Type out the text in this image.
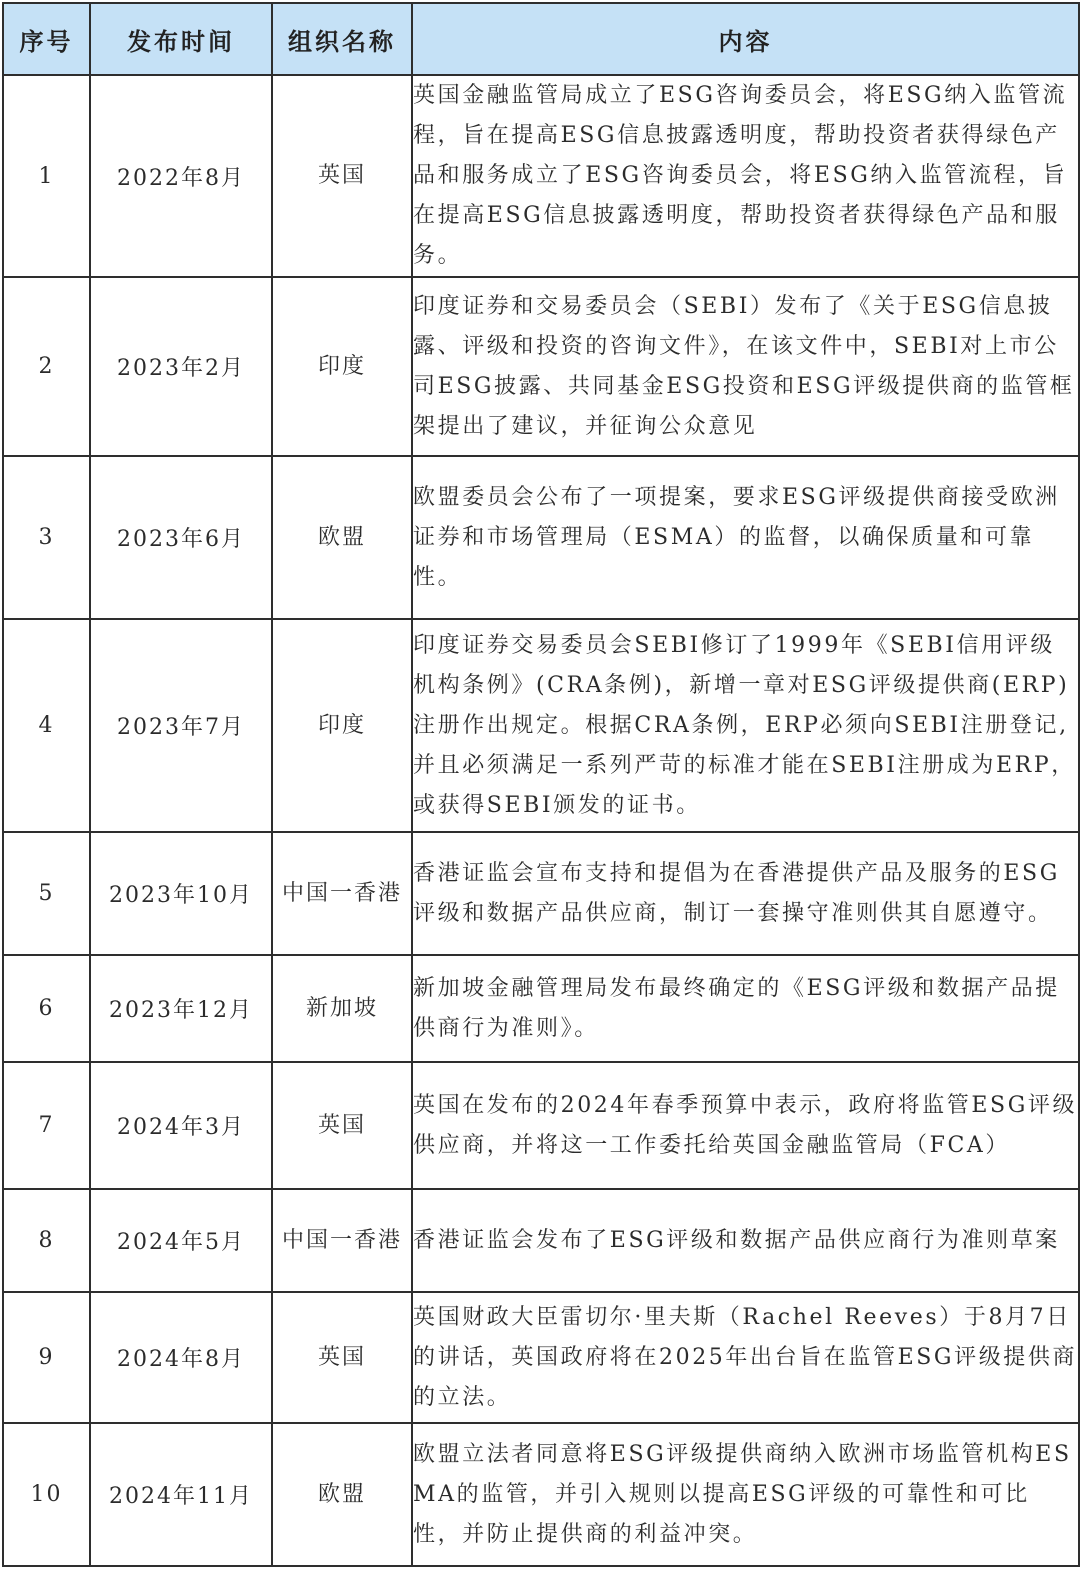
序号	发布时间	组织名称	内容
1	2022年8月	英国	英国金融监管局成立了ESG咨询委员会，将ESG纳入监管流程，旨在提高ESG信息披露透明度，帮助投资者获得绿色产品和服务成立了ESG咨询委员会，将ESG纳入监管流程，旨在提高ESG信息披露透明度，帮助投资者获得绿色产品和服务。
2	2023年2月	印度	印度证券和交易委员会（SEBI）发布了《关于ESG信息披露、评级和投资的咨询文件》，在该文件中，SEBI对上市公司ESG披露、共同基金ESG投资和ESG评级提供商的监管框架提出了建议，并征询公众意见
3	2023年6月	欧盟	欧盟委员会公布了一项提案，要求ESG评级提供商接受欧洲证券和市场管理局（ESMA）的监督，以确保质量和可靠性。
4	2023年7月	印度	印度证券交易委员会SEBI修订了1999年《SEBI信用评级机构条例》(CRA条例)，新增一章对ESG评级提供商(ERP)注册作出规定。根据CRA条例，ERP必须向SEBI注册登记,并且必须满足一系列严苛的标准才能在SEBI注册成为ERP，或获得SEBI颁发的证书。
5	2023年10月	中国一香港	香港证监会宣布支持和提倡为在香港提供产品及服务的ESG评级和数据产品供应商，制订一套操守准则供其自愿遵守。
6	2023年12月	新加坡	新加坡金融管理局发布最终确定的《ESG评级和数据产品提供商行为准则》。
7	2024年3月	英国	英国在发布的2024年春季预算中表示，政府将监管ESG评级供应商，并将这一工作委托给英国金融监管局（FCA）
8	2024年5月	中国一香港	香港证监会发布了ESG评级和数据产品供应商行为准则草案
9	2024年8月	英国	英国财政大臣雷切尔·里夫斯（Rachel Reeves）于8月7日的讲话，英国政府将在2025年出台旨在监管ESG评级提供商的立法。
10	2024年11月	欧盟	欧盟立法者同意将ESG评级提供商纳入欧洲市场监管机构ESMA的监管，并引入规则以提高ESG评级的可靠性和可比性，并防止提供商的利益冲突。
